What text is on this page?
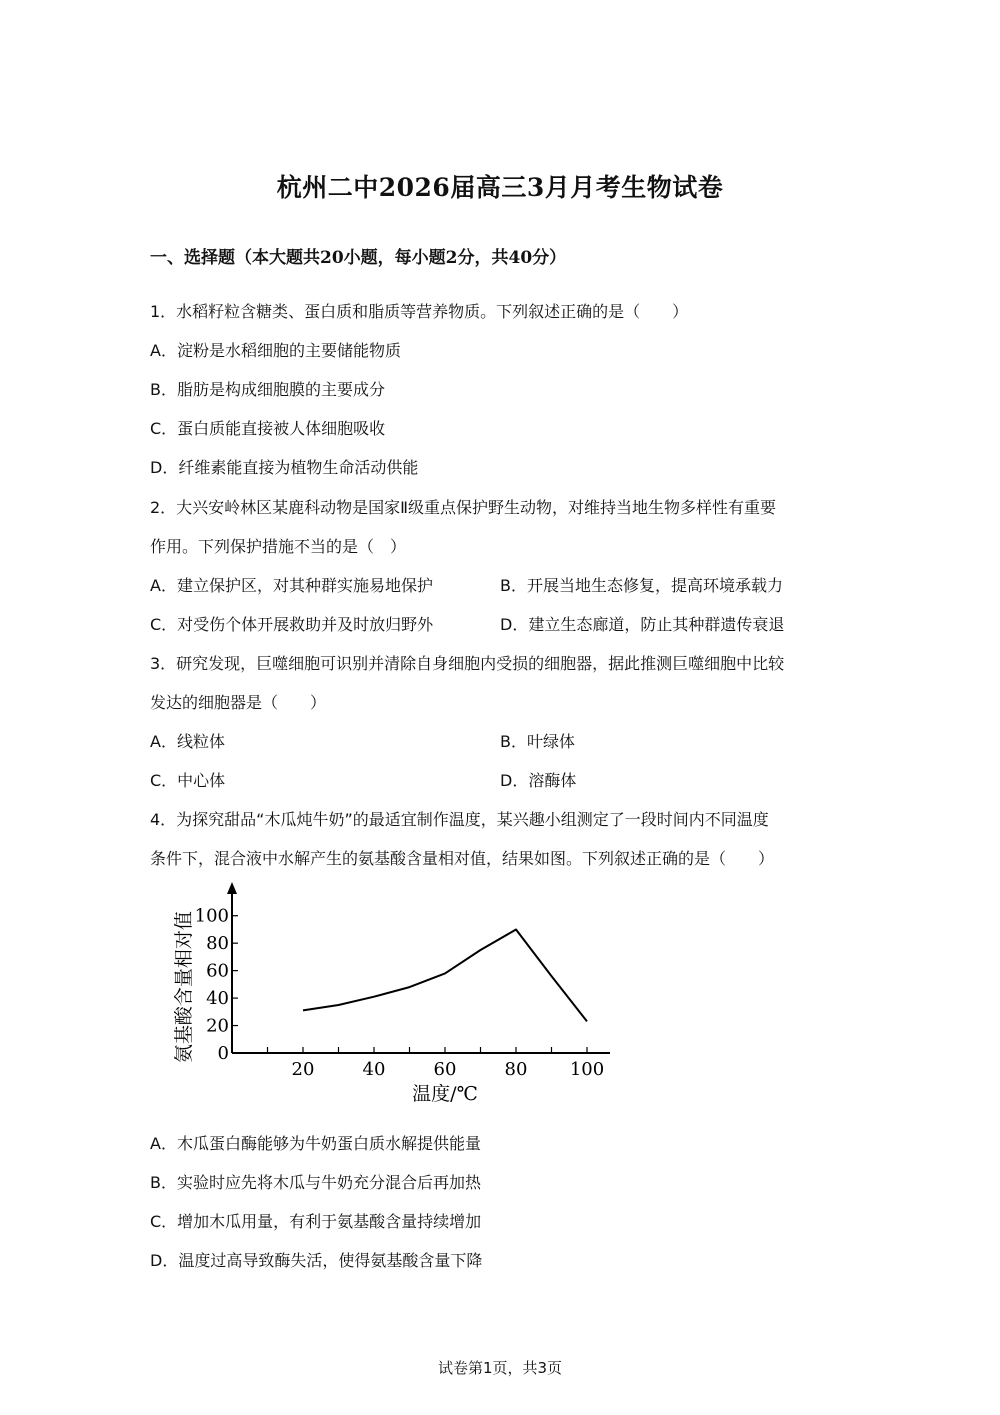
杭州二中2026届高三3月月考生物试卷
一、选择题（本大题共20小题，每小题2分，共40分）
1．水稻籽粒含糖类、蛋白质和脂质等营养物质。下列叙述正确的是（　　）
A．淀粉是水稻细胞的主要储能物质
B．脂肪是构成细胞膜的主要成分
C．蛋白质能直接被人体细胞吸收
D．纤维素能直接为植物生命活动供能
2．大兴安岭林区某鹿科动物是国家Ⅱ级重点保护野生动物，对维持当地生物多样性有重要
作用。下列保护措施不当的是（　）
A．建立保护区，对其种群实施易地保护	B．开展当地生态修复，提高环境承载力
C．对受伤个体开展救助并及时放归野外	D．建立生态廊道，防止其种群遗传衰退
3．研究发现，巨噬细胞可识别并清除自身细胞内受损的细胞器，据此推测巨噬细胞中比较
发达的细胞器是（　　）
A．线粒体	B．叶绿体
C．中心体	D．溶酶体
4．为探究甜品“木瓜炖牛奶”的最适宜制作温度，某兴趣小组测定了一段时间内不同温度
条件下，混合液中水解产生的氨基酸含量相对值，结果如图。下列叙述正确的是（　　）
20	40	60	80 100
0
20
40
60
80
100
温度/℃
氨基酸含量相对值
A．木瓜蛋白酶能够为牛奶蛋白质水解提供能量
B．实验时应先将木瓜与牛奶充分混合后再加热
C．增加木瓜用量，有利于氨基酸含量持续增加
D．温度过高导致酶失活，使得氨基酸含量下降
试卷第1页，共3页
